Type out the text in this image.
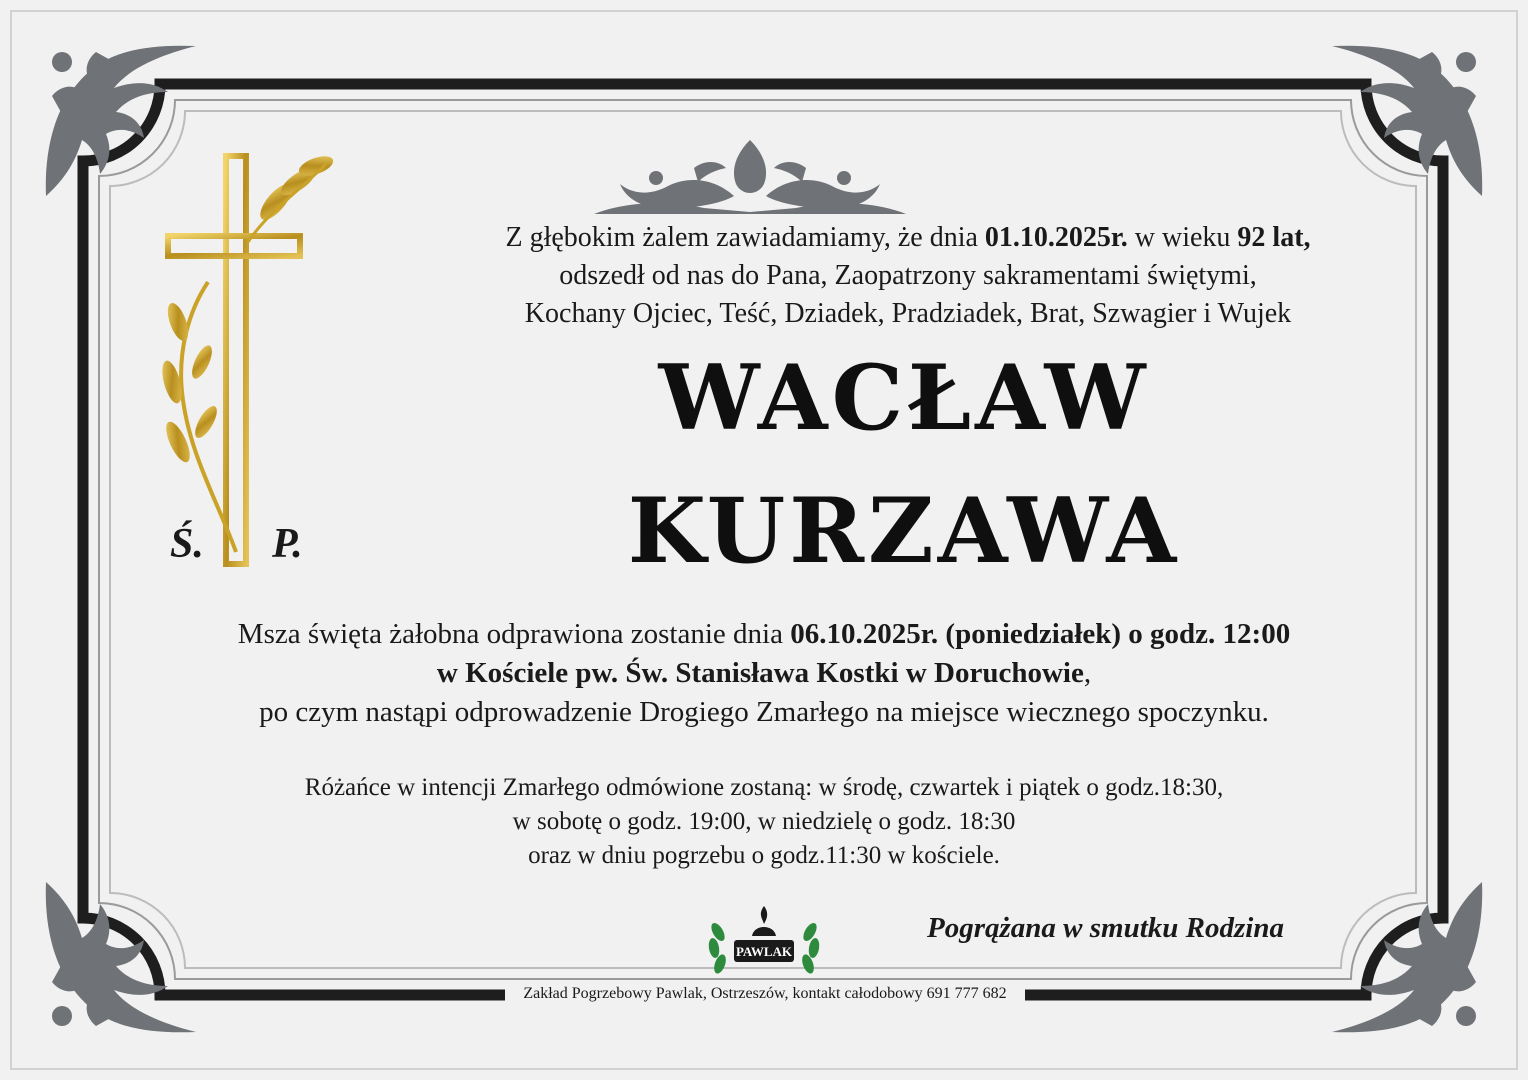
Ś. P.
Z głębokim żalem zawiadamiamy, że dnia 01.10.2025r. w wieku 92 lat,
odszedł od nas do Pana, Zaopatrzony sakramentami świętymi,
Kochany Ojciec, Teść, Dziadek, Pradziadek, Brat, Szwagier i Wujek
WACŁAW
KURZAWA
Msza święta żałobna odprawiona zostanie dnia 06.10.2025r. (poniedziałek) o godz. 12:00
w Kościele pw. Św. Stanisława Kostki w Doruchowie,
po czym nastąpi odprowadzenie Drogiego Zmarłego na miejsce wiecznego spoczynku.
Różańce w intencji Zmarłego odmówione zostaną: w środę, czwartek i piątek o godz.18:30,
w sobotę o godz. 19:00, w niedzielę o godz. 18:30
oraz w dniu pogrzebu o godz.11:30 w kościele.
PAWLAK
Pogrążana w smutku Rodzina
Zakład Pogrzebowy Pawlak, Ostrzeszów, kontakt całodobowy 691 777 682
